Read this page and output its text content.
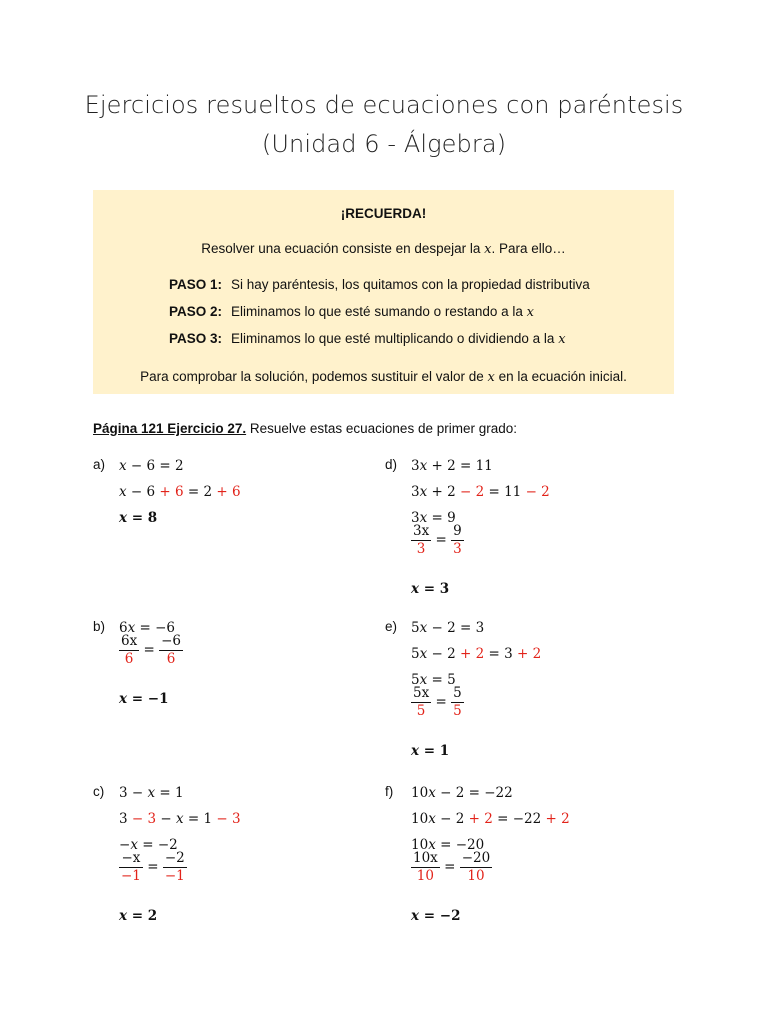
Ejercicios resueltos de ecuaciones con paréntesis
(Unidad 6 - Álgebra)
¡RECUERDA!
Resolver una ecuación consiste en despejar la x. Para ello…
PASO 1: Si hay paréntesis, los quitamos con la propiedad distributiva
PASO 2: Eliminamos lo que esté sumando o restando a la x
PASO 3: Eliminamos lo que esté multiplicando o dividiendo a la x
Para comprobar la solución, podemos sustituir el valor de x en la ecuación inicial.
Página 121 Ejercicio 27. Resuelve estas ecuaciones de primer grado:
a) x − 6 = 2
x − 6 + 6 = 2 + 6
x = 8
b) 6x = −6
$\frac{6x}{6} = \frac{-6}{6}$
x = −1
c) 3 − x = 1
3 − 3 − x = 1 − 3
−x = −2
$\frac{-x}{-1} = \frac{-2}{-1}$
x = 2
d) 3x + 2 = 11
3x + 2 − 2 = 11 − 2
3x = 9
$\frac{3x}{3} = \frac{9}{3}$
x = 3
e) 5x − 2 = 3
5x − 2 + 2 = 3 + 2
5x = 5
$\frac{5x}{5} = \frac{5}{5}$
x = 1
f) 10x − 2 = −22
10x − 2 + 2 = −22 + 2
10x = −20
$\frac{10x}{10} = \frac{-20}{10}$
x = −2
